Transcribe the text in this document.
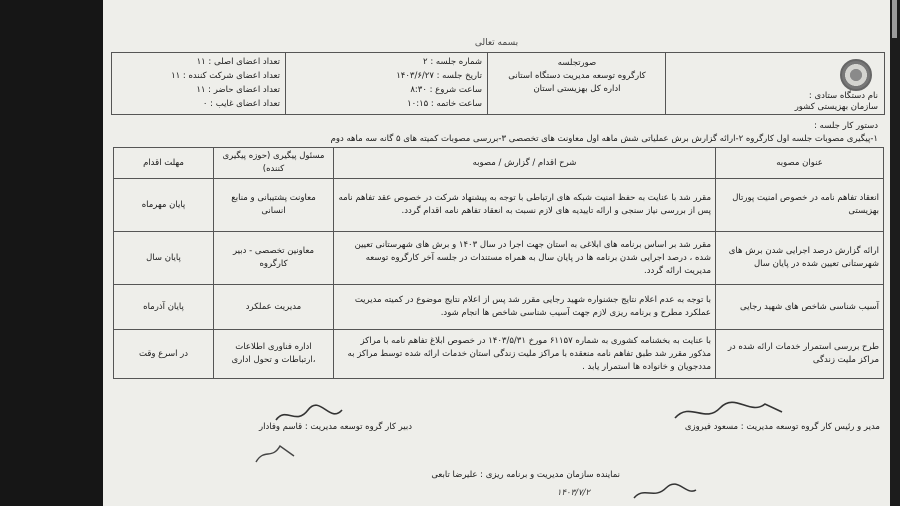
بسمه تعالی
نام دستگاه ستادی :
سازمان بهزیستی کشور
صورتجلسه
کارگروه توسعه مدیریت دستگاه استانی
اداره کل بهزیستی استان
شماره جلسه : ۲
تاریخ جلسه : ۱۴۰۳/۶/۲۷
ساعت شروع : ۸:۳۰
ساعت خاتمه : ۱۰:۱۵
تعداد اعضای اصلی : ۱۱
تعداد اعضای شرکت کننده : ۱۱
تعداد اعضای حاضر : ۱۱
تعداد اعضای غایب : ۰
دستور کار جلسه :
۱-پیگیری مصوبات جلسه اول کارگروه ۲-ارائه گزارش برش عملیاتی شش ماهه اول معاونت های تخصصی ۳-بررسی مصوبات کمیته های ۵ گانه سه ماهه دوم
عنوان مصوبه	شرح اقدام / گزارش / مصوبه	مسئول پیگیری (حوزه پیگیری کننده)	مهلت اقدام
انعقاد تفاهم نامه در خصوص امنیت پورتال بهزیستی	مقرر شد با عنایت به حفظ امنیت شبکه های ارتباطی با توجه به پیشنهاد شرکت در خصوص عقد تفاهم نامه پس از بررسی نیاز سنجی و ارائه تاییدیه های لازم نسبت به انعقاد تفاهم نامه اقدام گردد.	معاونت پشتیبانی و منابع انسانی	پایان مهرماه
ارائه گزارش درصد اجرایی شدن برش های شهرستانی تعیین شده در پایان سال	مقرر شد بر اساس برنامه های ابلاغی به استان جهت اجرا در سال ۱۴۰۳ و برش های شهرستانی تعیین شده ، درصد اجرایی شدن برنامه ها در پایان سال به همراه مستندات در جلسه آخر کارگروه توسعه مدیریت ارائه گردد.	معاونین تخصصی - دبیر کارگروه	پایان سال
آسیب شناسی شاخص های شهید رجایی	با توجه به عدم اعلام نتایج جشنواره شهید رجایی مقرر شد پس از اعلام نتایج موضوع در کمیته مدیریت عملکرد مطرح و برنامه ریزی لازم جهت آسیب شناسی شاخص ها انجام شود.	مدیریت عملکرد	پایان آذرماه
طرح بررسی استمرار خدمات ارائه شده در مراکز ملیت زندگی	با عنایت به بخشنامه کشوری به شماره ۶۱۱۵۷ مورخ ۱۴۰۳/۵/۳۱ در خصوص ابلاغ تفاهم نامه با مراکز مذکور مقرر شد طبق تفاهم نامه منعقده با مراکز ملیت زندگی استان خدمات ارائه شده توسط مراکز به مددجویان و خانواده ها استمرار یابد .	اداره فناوری اطلاعات ،ارتباطات و تحول اداری	در اسرع وقت
مدیر و رئیس کار گروه توسعه مدیریت : مسعود فیروزی
دبیر کار گروه توسعه مدیریت : قاسم وفادار
نماینده سازمان مدیریت و برنامه ریزی : علیرضا تابعی
۱۴۰۳/۷/۲
